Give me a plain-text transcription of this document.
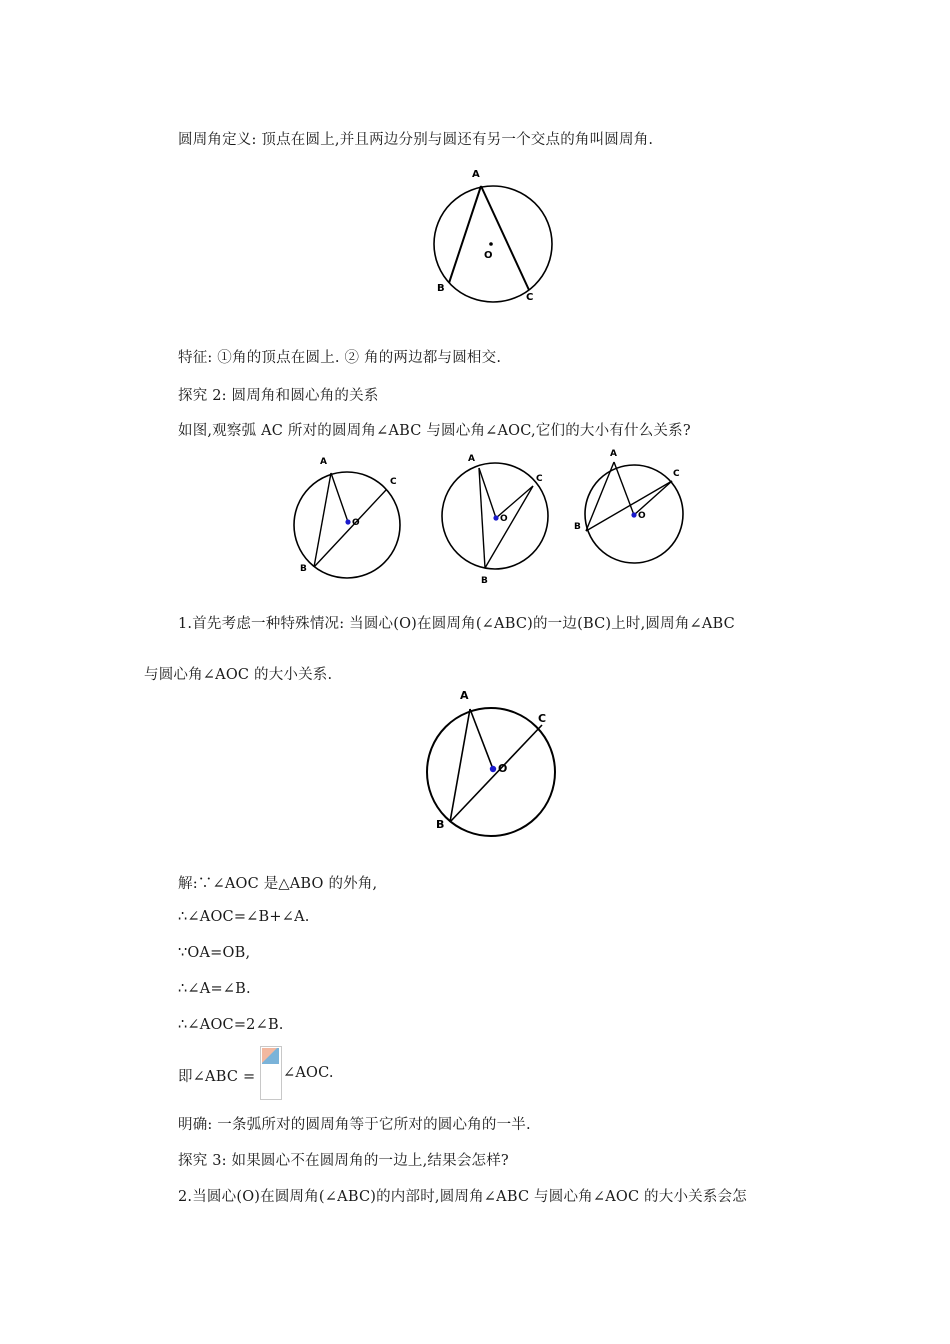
圆周角定义: 顶点在圆上,并且两边分别与圆还有另一个交点的角叫圆周角.
A
O
B
C
特征: ①角的顶点在圆上. ② 角的两边都与圆相交.
探究 2: 圆周角和圆心角的关系
如图,观察弧 AC 所对的圆周角∠ABC 与圆心角∠AOC,它们的大小有什么关系?
A
C
O
B
A
C
O
B
A
C
O
B
1.首先考虑一种特殊情况: 当圆心(O)在圆周角(∠ABC)的一边(BC)上时,圆周角∠ABC
与圆心角∠AOC 的大小关系.
A
C
O
B
解:∵∠AOC 是△ABO 的外角,
∴∠AOC=∠B+∠A.
∵OA=OB,
∴∠A=∠B.
∴∠AOC=2∠B.
即∠ABC = ∠AOC.
明确: 一条弧所对的圆周角等于它所对的圆心角的一半.
探究 3: 如果圆心不在圆周角的一边上,结果会怎样?
2.当圆心(O)在圆周角(∠ABC)的内部时,圆周角∠ABC 与圆心角∠AOC 的大小关系会怎
